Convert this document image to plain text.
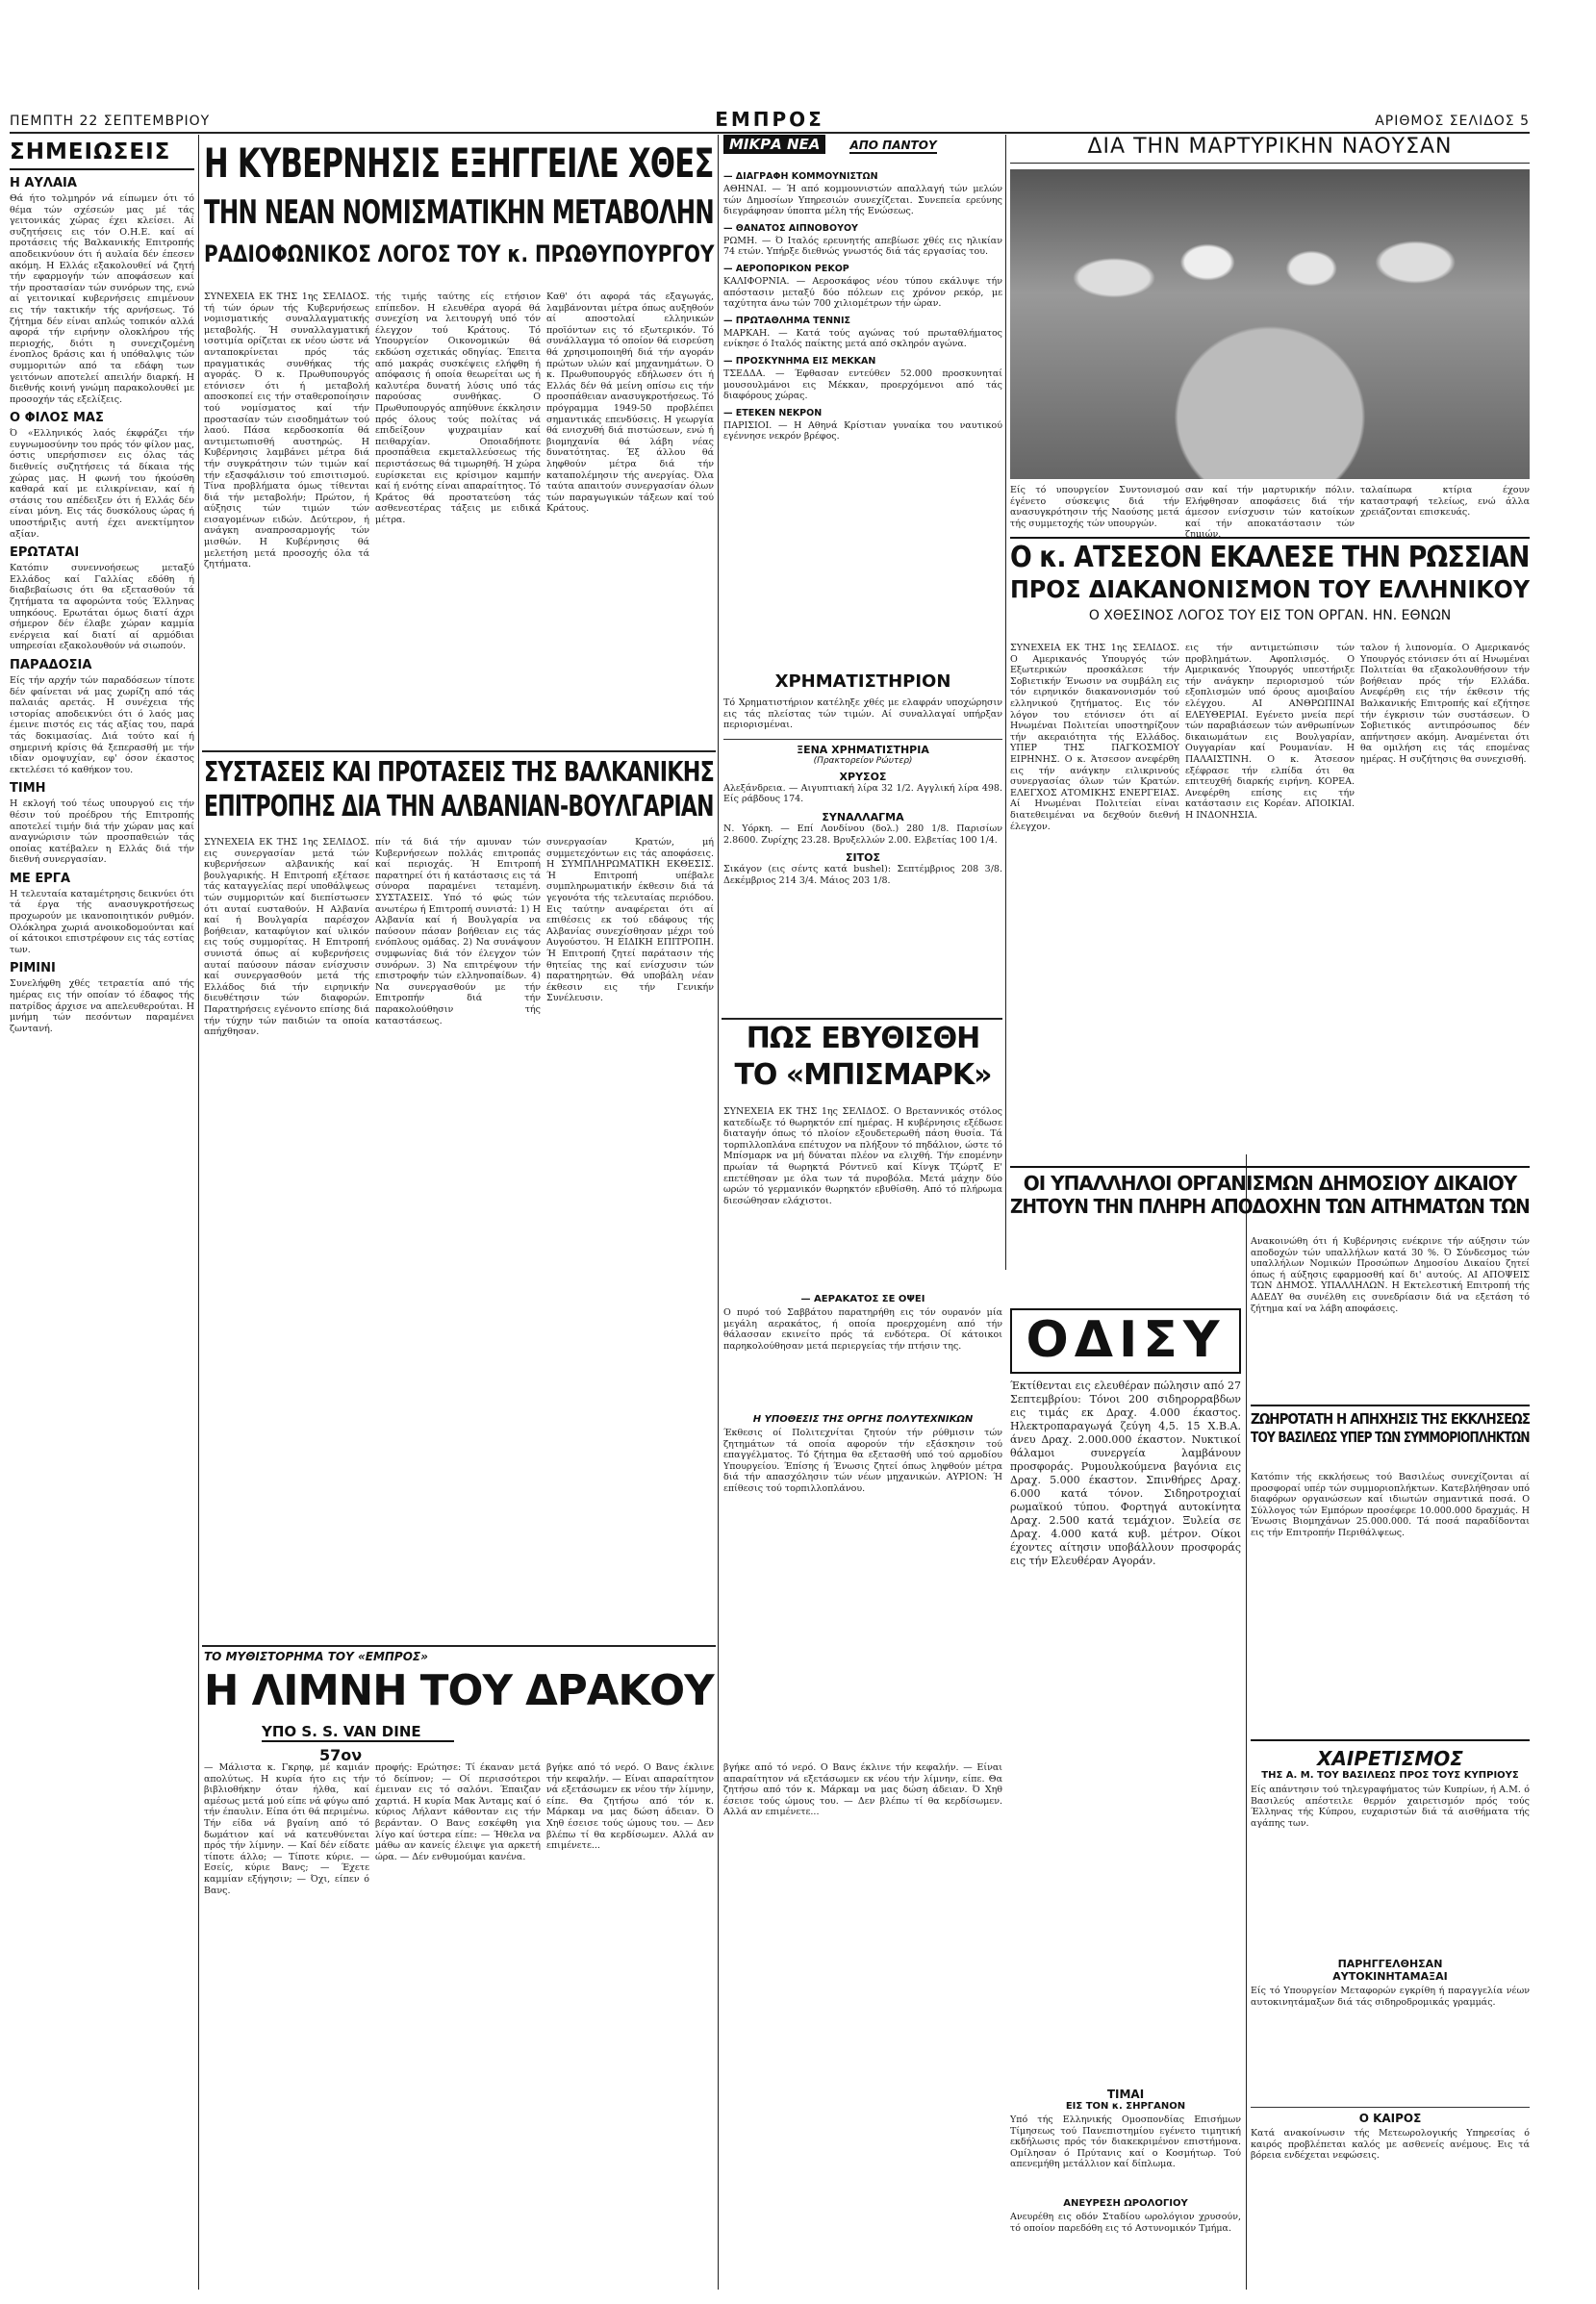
ΠΕΜΠΤΗ 22 ΣΕΠΤΕΜΒΡΙΟΥ	ΕΜΠΡΟΣ	ΑΡΙΘΜΟΣ ΣΕΛΙΔΟΣ 5
ΣΗΜΕΙΩΣΕΙΣ
Η ΑΥΛΑΙΑ
Θά ήτο τολμηρόν νά είπωμεν ότι τό θέμα τών σχέσεών μας μέ τάς γειτονικάς χώρας έχει κλείσει. Αί συζητήσεις εις τόν Ο.Η.Ε. καί αί προτάσεις τής Βαλκανικής Επιτροπής αποδεικνύουν ότι ή αυλαία δέν έπεσεν ακόμη. Η Ελλάς εξακολουθεί νά ζητή τήν εφαρμογήν τών αποφάσεων καί τήν προστασίαν τών συνόρων της, ενώ αί γειτονικαί κυβερνήσεις επιμένουν εις τήν τακτικήν τής αρνήσεως. Τό ζήτημα δέν είναι απλώς τοπικόν αλλά αφορά τήν ειρήνην ολοκλήρου τής περιοχής, διότι η συνεχιζομένη ένοπλος δράσις και ή υπόθαλψις τών συμμοριτών από τα εδάφη των γειτόνων αποτελεί απειλήν διαρκή. Η διεθνής κοινή γνώμη παρακολουθεί με προσοχήν τάς εξελίξεις.
Ο ΦΙΛΟΣ ΜΑΣ
Ό «Ελληνικός λαός έκφράζει τήν ευγνωμοσύνην του πρός τόν φίλον μας, όστις υπερήσπισεν εις όλας τάς διεθνείς συζητήσεις τά δίκαια τής χώρας μας. Η φωνή του ήκούσθη καθαρά καί με ειλικρίνειαν, καί ή στάσις του απέδειξεν ότι ή Ελλάς δέν είναι μόνη. Εις τάς δυσκόλους ώρας ή υποστήριξις αυτή έχει ανεκτίμητον αξίαν.
ΕΡΩΤΑΤΑΙ
Κατόπιν συνεννοήσεως μεταξύ Ελλάδος καί Γαλλίας εδόθη ή διαβεβαίωσις ότι θα εξετασθούν τά ζητήματα τα αφορώντα τούς Έλληνας υπηκόους. Ερωτάται όμως διατί άχρι σήμερον δέν έλαβε χώραν καμμία ενέργεια καί διατί αί αρμόδιαι υπηρεσίαι εξακολουθούν νά σιωπούν.
ΠΑΡΑΔΟΣΙΑ
Είς τήν αρχήν τών παραδόσεων τίποτε δέν φαίνεται νά μας χωρίζη από τάς παλαιάς αρετάς. Η συνέχεια τής ιστορίας αποδεικνύει ότι ό λαός μας έμεινε πιστός εις τάς αξίας του, παρά τάς δοκιμασίας. Διά τούτο καί ή σημερινή κρίσις θά ξεπερασθή με τήν ιδίαν ομοψυχίαν, εφ' όσον έκαστος εκτελέσει τό καθήκον του.
ΤΙΜΗ
Η εκλογή τού τέως υπουργού εις τήν θέσιν τού προέδρου τής Επιτροπής αποτελεί τιμήν διά τήν χώραν μας καί αναγνώρισιν τών προσπαθειών τάς οποίας κατέβαλεν η Ελλάς διά τήν διεθνή συνεργασίαν.
ΜΕ ΕΡΓΑ
Η τελευταία καταμέτρησις δεικνύει ότι τά έργα τής ανασυγκροτήσεως προχωρούν με ικανοποιητικόν ρυθμόν. Ολόκληρα χωριά ανοικοδομούνται καί οί κάτοικοι επιστρέφουν εις τάς εστίας των.
ΡΙΜΙΝΙ
Συνελήφθη χθές τετραετία από τής ημέρας εις τήν οποίαν τό έδαφος τής πατρίδος άρχισε να απελευθερούται. Η μνήμη τών πεσόντων παραμένει ζωντανή.
Η ΚΥΒΕΡΝΗΣΙΣ ΕΞΗΓΓΕΙΛΕ ΧΘΕΣ ΤΗΝ ΝΕΑΝ ΝΟΜΙΣΜΑΤΙΚΗΝ ΜΕΤΑΒΟΛΗΝ ΡΑΔΙΟΦΩΝΙΚΟΣ ΛΟΓΟΣ ΤΟΥ κ. ΠΡΩΘΥΠΟΥΡΓΟΥ
ΣΥΝΕΧΕΙΑ ΕΚ ΤΗΣ 1ης ΣΕΛΙΔΟΣ. τή τών όρων τής Κυβερνήσεως νομισματικής συναλλαγματικής μεταβολής. Ή συναλλαγματική ισοτιμία ορίζεται εκ νέου ώστε νά ανταποκρίνεται πρός τάς πραγματικάς συνθήκας τής αγοράς. Ό κ. Πρωθυπουργός ετόνισεν ότι ή μεταβολή αποσκοπεί εις τήν σταθεροποίησιν τού νομίσματος καί τήν προστασίαν τών εισοδημάτων τού λαού. Πάσα κερδοσκοπία θά αντιμετωπισθή αυστηρώς. Η Κυβέρνησις λαμβάνει μέτρα διά τήν συγκράτησιν τών τιμών καί τήν εξασφάλισιν τού επισιτισμού. Τίνα προβλήματα όμως τίθενται διά τήν μεταβολήν; Πρώτον, ή αύξησις τών τιμών τών εισαγομένων ειδών. Δεύτερον, ή ανάγκη αναπροσαρμογής τών μισθών. Η Κυβέρνησις θά μελετήση μετά προσοχής όλα τά ζητήματα.
τής τιμής ταύτης είς ετήσιον επίπεδον. Η ελευθέρα αγορά θά συνεχίση να λειτουργή υπό τόν έλεγχον τού Κράτους. Τό Υπουργείον Οικονομικών θά εκδώση σχετικάς οδηγίας. Έπειτα από μακράς συσκέψεις ελήφθη ή απόφασις ή οποία θεωρείται ως ή καλυτέρα δυνατή λύσις υπό τάς παρούσας συνθήκας. Ο Πρωθυπουργός απηύθυνε έκκλησιν πρός όλους τούς πολίτας νά επιδείξουν ψυχραιμίαν καί πειθαρχίαν. Οποιαδήποτε προσπάθεια εκμεταλλεύσεως τής περιστάσεως θά τιμωρηθή. Ή χώρα ευρίσκεται εις κρίσιμον καμπήν καί ή ενότης είναι απαραίτητος. Τό Κράτος θά προστατεύση τάς ασθενεστέρας τάξεις με ειδικά μέτρα.
Καθ' ότι αφορά τάς εξαγωγάς, λαμβάνονται μέτρα όπως αυξηθούν αί αποστολαί ελληνικών προϊόντων εις τό εξωτερικόν. Τό συνάλλαγμα τό οποίον θά εισρεύση θά χρησιμοποιηθή διά τήν αγοράν πρώτων υλών καί μηχανημάτων. Ό κ. Πρωθυπουργός εδήλωσεν ότι ή Ελλάς δέν θά μείνη οπίσω εις τήν προσπάθειαν ανασυγκροτήσεως. Τό πρόγραμμα 1949-50 προβλέπει σημαντικάς επενδύσεις. Η γεωργία θά ενισχυθή διά πιστώσεων, ενώ ή βιομηχανία θά λάβη νέας δυνατότητας. Έξ άλλου θά ληφθούν μέτρα διά τήν καταπολέμησιν τής ανεργίας. Όλα ταύτα απαιτούν συνεργασίαν όλων τών παραγωγικών τάξεων καί τού Κράτους.
ΣΥΣΤΑΣΕΙΣ ΚΑΙ ΠΡΟΤΑΣΕΙΣ ΤΗΣ ΒΑΛΚΑΝΙΚΗΣ ΕΠΙΤΡΟΠΗΣ ΔΙΑ ΤΗΝ ΑΛΒΑΝΙΑΝ-ΒΟΥΛΓΑΡΙΑΝ
ΣΥΝΕΧΕΙΑ ΕΚ ΤΗΣ 1ης ΣΕΛΙΔΟΣ. εις συνεργασίαν μετά τών κυβερνήσεων αλβανικής καί βουλγαρικής. Η Επιτροπή εξέτασε τάς καταγγελίας περί υποθάλψεως τών συμμοριτών καί διεπίστωσεν ότι αυταί ευσταθούν. Η Αλβανία καί ή Βουλγαρία παρέσχον βοήθειαν, καταφύγιον καί υλικόν εις τούς συμμορίτας. Η Επιτροπή συνιστά όπως αί κυβερνήσεις αυταί παύσουν πάσαν ενίσχυσιν καί συνεργασθούν μετά τής Ελλάδος διά τήν ειρηνικήν διευθέτησιν τών διαφορών. Παρατηρήσεις εγένοντο επίσης διά τήν τύχην τών παιδιών τα οποία απήχθησαν.
πίν τά διά τήν αμυναν τών Κυβερνήσεων πολλάς επιτροπάς καί περιοχάς. Ή Επιτροπή παρατηρεί ότι ή κατάστασις εις τά σύνορα παραμένει τεταμένη. ΣΥΣΤΑΣΕΙΣ. Υπό τό φώς τών ανωτέρω ή Επιτροπή συνιστά: 1) Η Αλβανία καί ή Βουλγαρία να παύσουν πάσαν βοήθειαν εις τάς ενόπλους ομάδας. 2) Να συνάψουν συμφωνίας διά τόν έλεγχον τών συνόρων. 3) Να επιτρέψουν τήν επιστροφήν τών ελληνοπαίδων. 4) Να συνεργασθούν με τήν Επιτροπήν διά τήν παρακολούθησιν τής καταστάσεως.
συνεργασίαν Κρατών, μή συμμετεχόντων εις τάς αποφάσεις. Η ΣΥΜΠΛΗΡΩΜΑΤΙΚΗ ΕΚΘΕΣΙΣ. Ή Επιτροπή υπέβαλε συμπληρωματικήν έκθεσιν διά τά γεγονότα τής τελευταίας περιόδου. Εις ταύτην αναφέρεται ότι αί επιθέσεις εκ τού εδάφους τής Αλβανίας συνεχίσθησαν μέχρι τού Αυγούστου. Ή ΕΙΔΙΚΗ ΕΠΙΤΡΟΠΗ. Ή Επιτροπή ζητεί παράτασιν τής θητείας της καί ενίσχυσιν τών παρατηρητών. Θά υποβάλη νέαν έκθεσιν εις τήν Γενικήν Συνέλευσιν.
ΤΟ ΜΥΘΙΣΤΟΡΗΜΑ ΤΟΥ «ΕΜΠΡΟΣ»
Η ΛΙΜΝΗ ΤΟΥ ΔΡΑΚΟΥ
ΥΠΟ S. S. VAN DINE
57ον
— Μάλιστα κ. Γκρηφ, μέ καμιάν απολύτως. Η κυρία ήτο εις τήν βιβλιοθήκην όταν ήλθα, καί αμέσως μετά μού είπε νά φύγω από τήν έπαυλιν. Είπα ότι θά περιμένω. Τήν είδα νά βγαίνη από τό δωμάτιον καί νά κατευθύνεται πρός τήν λίμνην. — Καί δέν είδατε τίποτε άλλο; — Τίποτε κύριε. — Εσείς, κύριε Βανς; — Έχετε καμμίαν εξήγησιν; — Όχι, είπεν ό Βανς.
προφής: Ερώτησε: Τί έκαναν μετά τό δείπνον; — Οί περισσότεροι έμειναν εις τό σαλόνι. Έπαιζαν χαρτιά. Η κυρία Μακ Άνταμς καί ό κύριος Λήλαντ κάθονταν εις τήν βεράνταν. Ο Βανς εσκέφθη για λίγο καί ύστερα είπε: — Ήθελα να μάθω αν κανείς έλειψε για αρκετή ώρα. — Δέν ενθυμούμαι κανένα.
βγήκε από τό νερό. Ο Βανς έκλινε τήν κεφαλήν. — Είναι απαραίτητον νά εξετάσωμεν εκ νέου τήν λίμνην, είπε. Θα ζητήσω από τόν κ. Μάρκαμ να μας δώση άδειαν. Ό Χηθ έσεισε τούς ώμους του. — Δεν βλέπω τί θα κερδίσωμεν. Αλλά αν επιμένετε...
ΜΙΚΡΑ ΝΕΑ	ΑΠΟ ΠΑΝΤΟΥ
— ΔΙΑΓΡΑΦΗ ΚΟΜΜΟΥΝΙΣΤΩΝ
ΑΘΗΝΑΙ. — Ή από κομμουνιστών απαλλαγή τών μελών τών Δημοσίων Υπηρεσιών συνεχίζεται. Συνεπεία ερεύνης διεγράφησαν ύποπτα μέλη τής Ενώσεως.
— ΘΑΝΑΤΟΣ ΑΙΠΝΟΒΟΥΟΥ
ΡΩΜΗ. — Ό Ιταλός ερευνητής απεβίωσε χθές εις ηλικίαν 74 ετών. Υπήρξε διεθνώς γνωστός διά τάς εργασίας του.
— ΑΕΡΟΠΟΡΙΚΟΝ ΡΕΚΟΡ
ΚΑΛΙΦΟΡΝΙΑ. — Αεροσκάφος νέου τύπου εκάλυψε τήν απόστασιν μεταξύ δύο πόλεων εις χρόνον ρεκόρ, με ταχύτητα άνω τών 700 χιλιομέτρων τήν ώραν.
— ΠΡΩΤΑΘΛΗΜΑ ΤΕΝΝΙΣ
ΜΑΡΚΑΗ. — Κατά τούς αγώνας τού πρωταθλήματος ενίκησε ό Ιταλός παίκτης μετά από σκληρόν αγώνα.
— ΠΡΟΣΚΥΝΗΜΑ ΕΙΣ ΜΕΚΚΑΝ
ΤΣΕΔΔΑ. — Έφθασαν εντεύθεν 52.000 προσκυνηταί μουσουλμάνοι εις Μέκκαν, προερχόμενοι από τάς διαφόρους χώρας.
— ΕΤΕΚΕΝ ΝΕΚΡΟΝ
ΠΑΡΙΣΙΟΙ. — Η Αθηνά Κρίστιαν γυναίκα του ναυτικού εγέννησε νεκρόν βρέφος.
ΧΡΗΜΑΤΙΣΤΗΡΙΟΝ
Τό Χρηματιστήριον κατέληξε χθές με ελαφράν υποχώρησιν εις τάς πλείστας τών τιμών. Αί συναλλαγαί υπήρξαν περιορισμέναι.
ΞΕΝΑ ΧΡΗΜΑΤΙΣΤΗΡΙΑ
(Πρακτορείον Ρώυτερ)
ΧΡΥΣΟΣ
Αλεξάνδρεια. — Αιγυπτιακή λίρα 32 1/2. Αγγλική λίρα 498. Είς ράβδους 174.
ΣΥΝΑΛΛΑΓΜΑ
Ν. Υόρκη. — Επί Λονδίνου (δολ.) 280 1/8. Παρισίων 2.8600. Ζυρίχης 23.28. Βρυξελλών 2.00. Ελβετίας 100 1/4.
ΣΙΤΟΣ
Σικάγον (εις σέντς κατά bushel): Σεπτέμβριος 208 3/8. Δεκέμβριος 214 3/4. Μάιος 203 1/8.
ΠΩΣ ΕΒΥΘΙΣΘΗ
ΤΟ «ΜΠΙΣΜΑΡΚ»
ΣΥΝΕΧΕΙΑ ΕΚ ΤΗΣ 1ης ΣΕΛΙΔΟΣ. Ο Βρεταννικός στόλος κατεδίωξε τό θωρηκτόν επί ημέρας. Η κυβέρνησις εξέδωσε διαταγήν όπως τό πλοίον εξουδετερωθή πάση θυσία. Τά τορπιλλοπλάνα επέτυχον να πλήξουν τό πηδάλιον, ώστε τό Μπίσμαρκ να μή δύναται πλέον να ελιχθή. Τήν επομένην πρωίαν τά θωρηκτά Ρόντνεϋ καί Κίνγκ Τζώρτζ Ε' επετέθησαν με όλα των τά πυροβόλα. Μετά μάχην δύο ωρών τό γερμανικόν θωρηκτόν εβυθίσθη. Από τό πλήρωμα διεσώθησαν ελάχιστοι.
— ΑΕΡΑΚΑΤΟΣ ΣΕ ΟΨΕΙ
Ο πυρό τού Σαββάτου παρατηρήθη εις τόν ουρανόν μία μεγάλη αερακάτος, ή οποία προερχομένη από τήν θάλασσαν εκινείτο πρός τά ενδότερα. Οί κάτοικοι παρηκολούθησαν μετά περιεργείας τήν πτήσιν της.
Η ΥΠΟΘΕΣΙΣ ΤΗΣ ΟΡΓΗΣ ΠΟΛΥΤΕΧΝΙΚΩΝ
Έκθεσις οί Πολιτεχνίται ζητούν τήν ρύθμισιν τών ζητημάτων τά οποία αφορούν τήν εξάσκησιν τού επαγγέλματος. Τό ζήτημα θα εξετασθή υπό τού αρμοδίου Υπουργείου. Έπίσης ή Ένωσις ζητεί όπως ληφθούν μέτρα διά τήν απασχόλησιν τών νέων μηχανικών. ΑΥΡΙΟΝ: Ή επίθεσις τού τορπιλλοπλάνου.
βγήκε από τό νερό. Ο Βανς έκλινε τήν κεφαλήν. — Είναι απαραίτητον νά εξετάσωμεν εκ νέου τήν λίμνην, είπε. Θα ζητήσω από τόν κ. Μάρκαμ να μας δώση άδειαν. Ό Χηθ έσεισε τούς ώμους του. — Δεν βλέπω τί θα κερδίσωμεν. Αλλά αν επιμένετε...
ΔΙΑ ΤΗΝ ΜΑΡΤΥΡΙΚΗΝ ΝΑΟΥΣΑΝ
Είς τό υπουργείον Συντονισμού έγένετο σύσκεψις διά τήν ανασυγκρότησιν τής Ναούσης μετά τής συμμετοχής τών υπουργών.
σαν καί τήν μαρτυρικήν πόλιν. Ελήφθησαν αποφάσεις διά τήν άμεσον ενίσχυσιν τών κατοίκων καί τήν αποκατάστασιν τών ζημιών.
ταλαίπωρα κτίρια έχουν καταστραφή τελείως, ενώ άλλα χρειάζονται επισκευάς.
Ο κ. ΑΤΣΕΣΟΝ ΕΚΑΛΕΣΕ ΤΗΝ ΡΩΣΣΙΑΝ ΠΡΟΣ ΔΙΑΚΑΝΟΝΙΣΜΟΝ ΤΟΥ ΕΛΛΗΝΙΚΟΥ
Ο ΧΘΕΣΙΝΟΣ ΛΟΓΟΣ ΤΟΥ ΕΙΣ ΤΟΝ ΟΡΓΑΝ. ΗΝ. ΕΘΝΩΝ
ΣΥΝΕΧΕΙΑ ΕΚ ΤΗΣ 1ης ΣΕΛΙΔΟΣ. Ο Αμερικανός Υπουργός τών Εξωτερικών προσκάλεσε τήν Σοβιετικήν Ένωσιν να συμβάλη εις τόν ειρηνικόν διακανονισμόν τού ελληνικού ζητήματος. Εις τόν λόγον του ετόνισεν ότι αί Ηνωμέναι Πολιτείαι υποστηρίζουν τήν ακεραιότητα τής Ελλάδος. ΥΠΕΡ ΤΗΣ ΠΑΓΚΟΣΜΙΟΥ ΕΙΡΗΝΗΣ. Ο κ. Άτσεσον ανεφέρθη εις τήν ανάγκην ειλικρινούς συνεργασίας όλων τών Κρατών. ΕΛΕΓΧΟΣ ΑΤΟΜΙΚΗΣ ΕΝΕΡΓΕΙΑΣ. Αί Ηνωμέναι Πολιτείαι είναι διατεθειμέναι να δεχθούν διεθνή έλεγχον.
εις τήν αντιμετώπισιν τών προβλημάτων. Αφοπλισμός. Ο Αμερικανός Υπουργός υπεστήριξε τήν ανάγκην περιορισμού τών εξοπλισμών υπό όρους αμοιβαίου ελέγχου. ΑΙ ΑΝΘΡΩΠΙΝΑΙ ΕΛΕΥΘΕΡΙΑΙ. Εγένετο μνεία περί τών παραβιάσεων τών ανθρωπίνων δικαιωμάτων εις Βουλγαρίαν, Ουγγαρίαν καί Ρουμανίαν. Η ΠΑΛΑΙΣΤΙΝΗ. Ο κ. Άτσεσον εξέφρασε τήν ελπίδα ότι θα επιτευχθή διαρκής ειρήνη. ΚΟΡΕΑ. Ανεφέρθη επίσης εις τήν κατάστασιν εις Κορέαν. ΑΠΟΙΚΙΑΙ. Η ΙΝΔΟΝΗΣΙΑ.
ταλον ή λιπονομία. Ο Αμερικανός Υπουργός ετόνισεν ότι αί Ηνωμέναι Πολιτείαι θα εξακολουθήσουν τήν βοήθειαν πρός τήν Ελλάδα. Ανεφέρθη εις τήν έκθεσιν τής Βαλκανικής Επιτροπής καί εζήτησε τήν έγκρισιν τών συστάσεων. Ό Σοβιετικός αντιπρόσωπος δέν απήντησεν ακόμη. Αναμένεται ότι θα ομιλήση εις τάς επομένας ημέρας. Η συζήτησις θα συνεχισθή.
ΟΔΙΣΥ
Έκτίθενται εις ελευθέραν πώλησιν από 27 Σεπτεμβρίου: Τόνοι 200 σιδηρορραβδων εις τιμάς εκ Δραχ. 4.000 έκαστος. Ηλεκτροπαραγωγά ζεύγη 4,5. 15 Χ.Β.Α. άνευ Δραχ. 2.000.000 έκαστον. Νυκτικοί θάλαμοι συνεργεία λαμβάνουν προσφοράς. Ρυμουλκούμενα βαγόνια εις Δραχ. 5.000 έκαστον. Σπινθήρες Δραχ. 6.000 κατά τόνον. Σιδηροτροχιαί ρωμαϊκού τύπου. Φορτηγά αυτοκίνητα Δραχ. 2.500 κατά τεμάχιον. Ξυλεία σε Δραχ. 4.000 κατά κυβ. μέτρον. Οίκοι έχοντες αίτησιν υποβάλλουν προσφοράς εις τήν Ελευθέραν Αγοράν.
ΤΙΜΑΙ
ΕΙΣ ΤΟΝ κ. ΣΗΡΓΑΝΟΝ
Υπό τής Ελληνικής Ομοσπονδίας Επισήμων Τίμησεως τού Πανεπιστημίου εγένετο τιμητική εκδήλωσις πρός τόν διακεκριμένον επιστήμονα. Ομίλησαν ό Πρύτανις καί ο Κοσμήτωρ. Τού απενεμήθη μετάλλιον καί δίπλωμα.
ΑΝΕΥΡΕΣΗ ΩΡΟΛΟΓΙΟΥ
Ανευρέθη εις οδόν Σταδίου ωρολόγιον χρυσούν, τό οποίον παρεδόθη εις τό Αστυνομικόν Τμήμα.
ΟΙ ΥΠΑΛΛΗΛΟΙ ΟΡΓΑΝΙΣΜΩΝ ΔΗΜΟΣΙΟΥ ΔΙΚΑΙΟΥ
ΖΗΤΟΥΝ ΤΗΝ ΠΛΗΡΗ ΑΠΟΔΟΧΗΝ ΤΩΝ ΑΙΤΗΜΑΤΩΝ ΤΩΝ
Ανακοινώθη ότι ή Κυβέρνησις ενέκρινε τήν αύξησιν τών αποδοχών τών υπαλλήλων κατά 30 %. Ό Σύνδεσμος τών υπαλλήλων Νομικών Προσώπων Δημοσίου Δικαίου ζητεί όπως ή αύξησις εφαρμοσθή καί δι' αυτούς. ΑΙ ΑΠΟΨΕΙΣ ΤΩΝ ΔΗΜΟΣ. ΥΠΑΛΛΗΛΩΝ. Η Εκτελεστική Επιτροπή τής ΑΔΕΔΥ θα συνέλθη εις συνεδρίασιν διά να εξετάση τό ζήτημα καί να λάβη αποφάσεις.
ΖΩΗΡΟΤΑΤΗ Η ΑΠΗΧΗΣΙΣ ΤΗΣ ΕΚΚΛΗΣΕΩΣ ΤΟΥ ΒΑΣΙΛΕΩΣ ΥΠΕΡ ΤΩΝ ΣΥΜΜΟΡΙΟΠΛΗΚΤΩΝ
Κατόπιν τής εκκλήσεως τού Βασιλέως συνεχίζονται αί προσφοραί υπέρ τών συμμοριοπλήκτων. Κατεβλήθησαν υπό διαφόρων οργανώσεων καί ιδιωτών σημαντικά ποσά. Ο Σύλλογος τών Εμπόρων προσέφερε 10.000.000 δραχμάς. Η Ένωσις Βιομηχάνων 25.000.000. Τά ποσά παραδίδονται εις τήν Επιτροπήν Περιθάλψεως.
ΧΑΙΡΕΤΙΣΜΟΣ
ΤΗΣ Α. Μ. ΤΟΥ ΒΑΣΙΛΕΩΣ ΠΡΟΣ ΤΟΥΣ ΚΥΠΡΙΟΥΣ
Είς απάντησιν τού τηλεγραφήματος τών Κυπρίων, ή Α.Μ. ό Βασιλεύς απέστειλε θερμόν χαιρετισμόν πρός τούς Έλληνας τής Κύπρου, ευχαριστών διά τά αισθήματα τής αγάπης των.
ΠΑΡΗΓΓΕΛΘΗΣΑΝ
ΑΥΤΟΚΙΝΗΤΑΜΑΞΑΙ
Είς τό Υπουργείον Μεταφορών εγκρίθη ή παραγγελία νέων αυτοκινητάμαξων διά τάς σιδηροδρομικάς γραμμάς.
Ο ΚΑΙΡΟΣ
Κατά ανακοίνωσιν τής Μετεωρολογικής Υπηρεσίας ό καιρός προβλέπεται καλός με ασθενείς ανέμους. Εις τά βόρεια ενδέχεται νεφώσεις.
